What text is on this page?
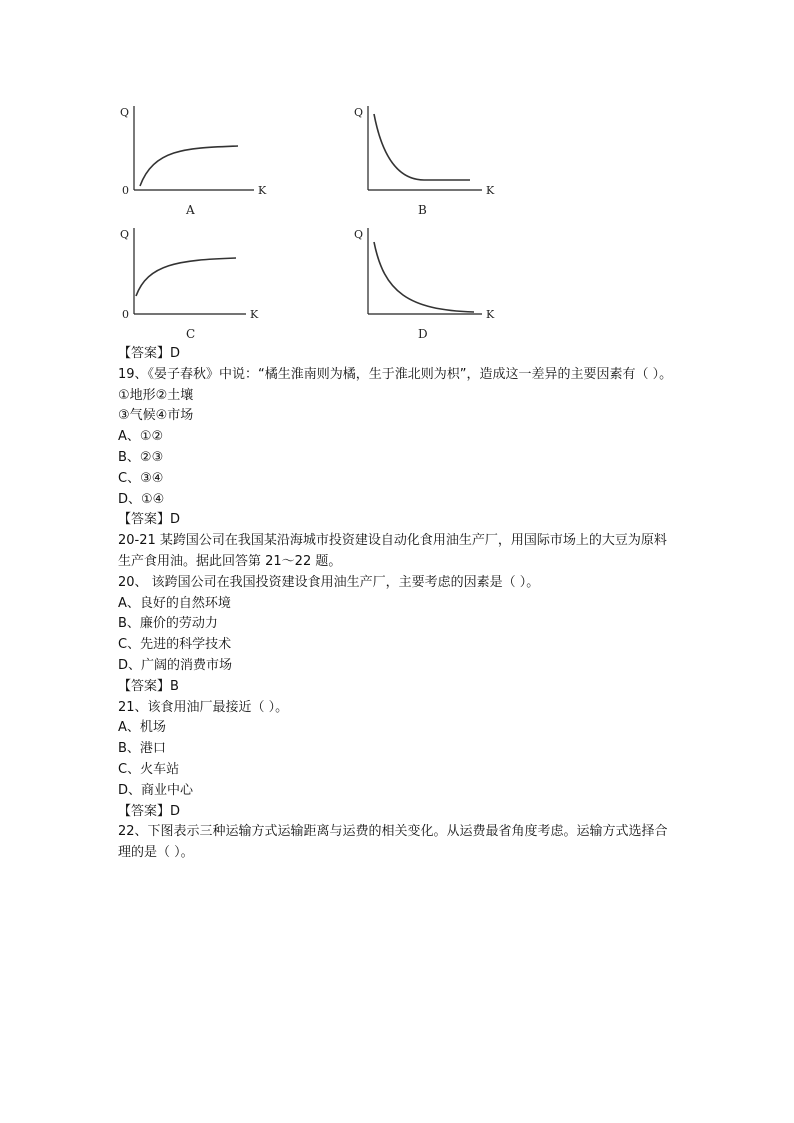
Q
0	K
A
Q
K
B
Q
0	K
C
Q
K
D

【答案】D

19、《晏子春秋》中说：“橘生淮南则为橘，生于淮北则为枳”，造成这一差异的主要因素有（ ）。

①地形②土壤

③气候④市场

A、①②

B、②③

C、③④

D、①④

【答案】D

20-21 某跨国公司在我国某沿海城市投资建设自动化食用油生产厂，用国际市场上的大豆为原料生产食用油。据此回答第 21～22 题。

20、 该跨国公司在我国投资建设食用油生产厂，主要考虑的因素是（ ）。

A、良好的自然环境

B、廉价的劳动力

C、先进的科学技术

D、广阔的消费市场

【答案】B

21、该食用油厂最接近（ ）。

A、机场

B、港口

C、火车站

D、商业中心

【答案】D

22、下图表示三种运输方式运输距离与运费的相关变化。从运费最省角度考虑。运输方式选择合理的是（ ）。
